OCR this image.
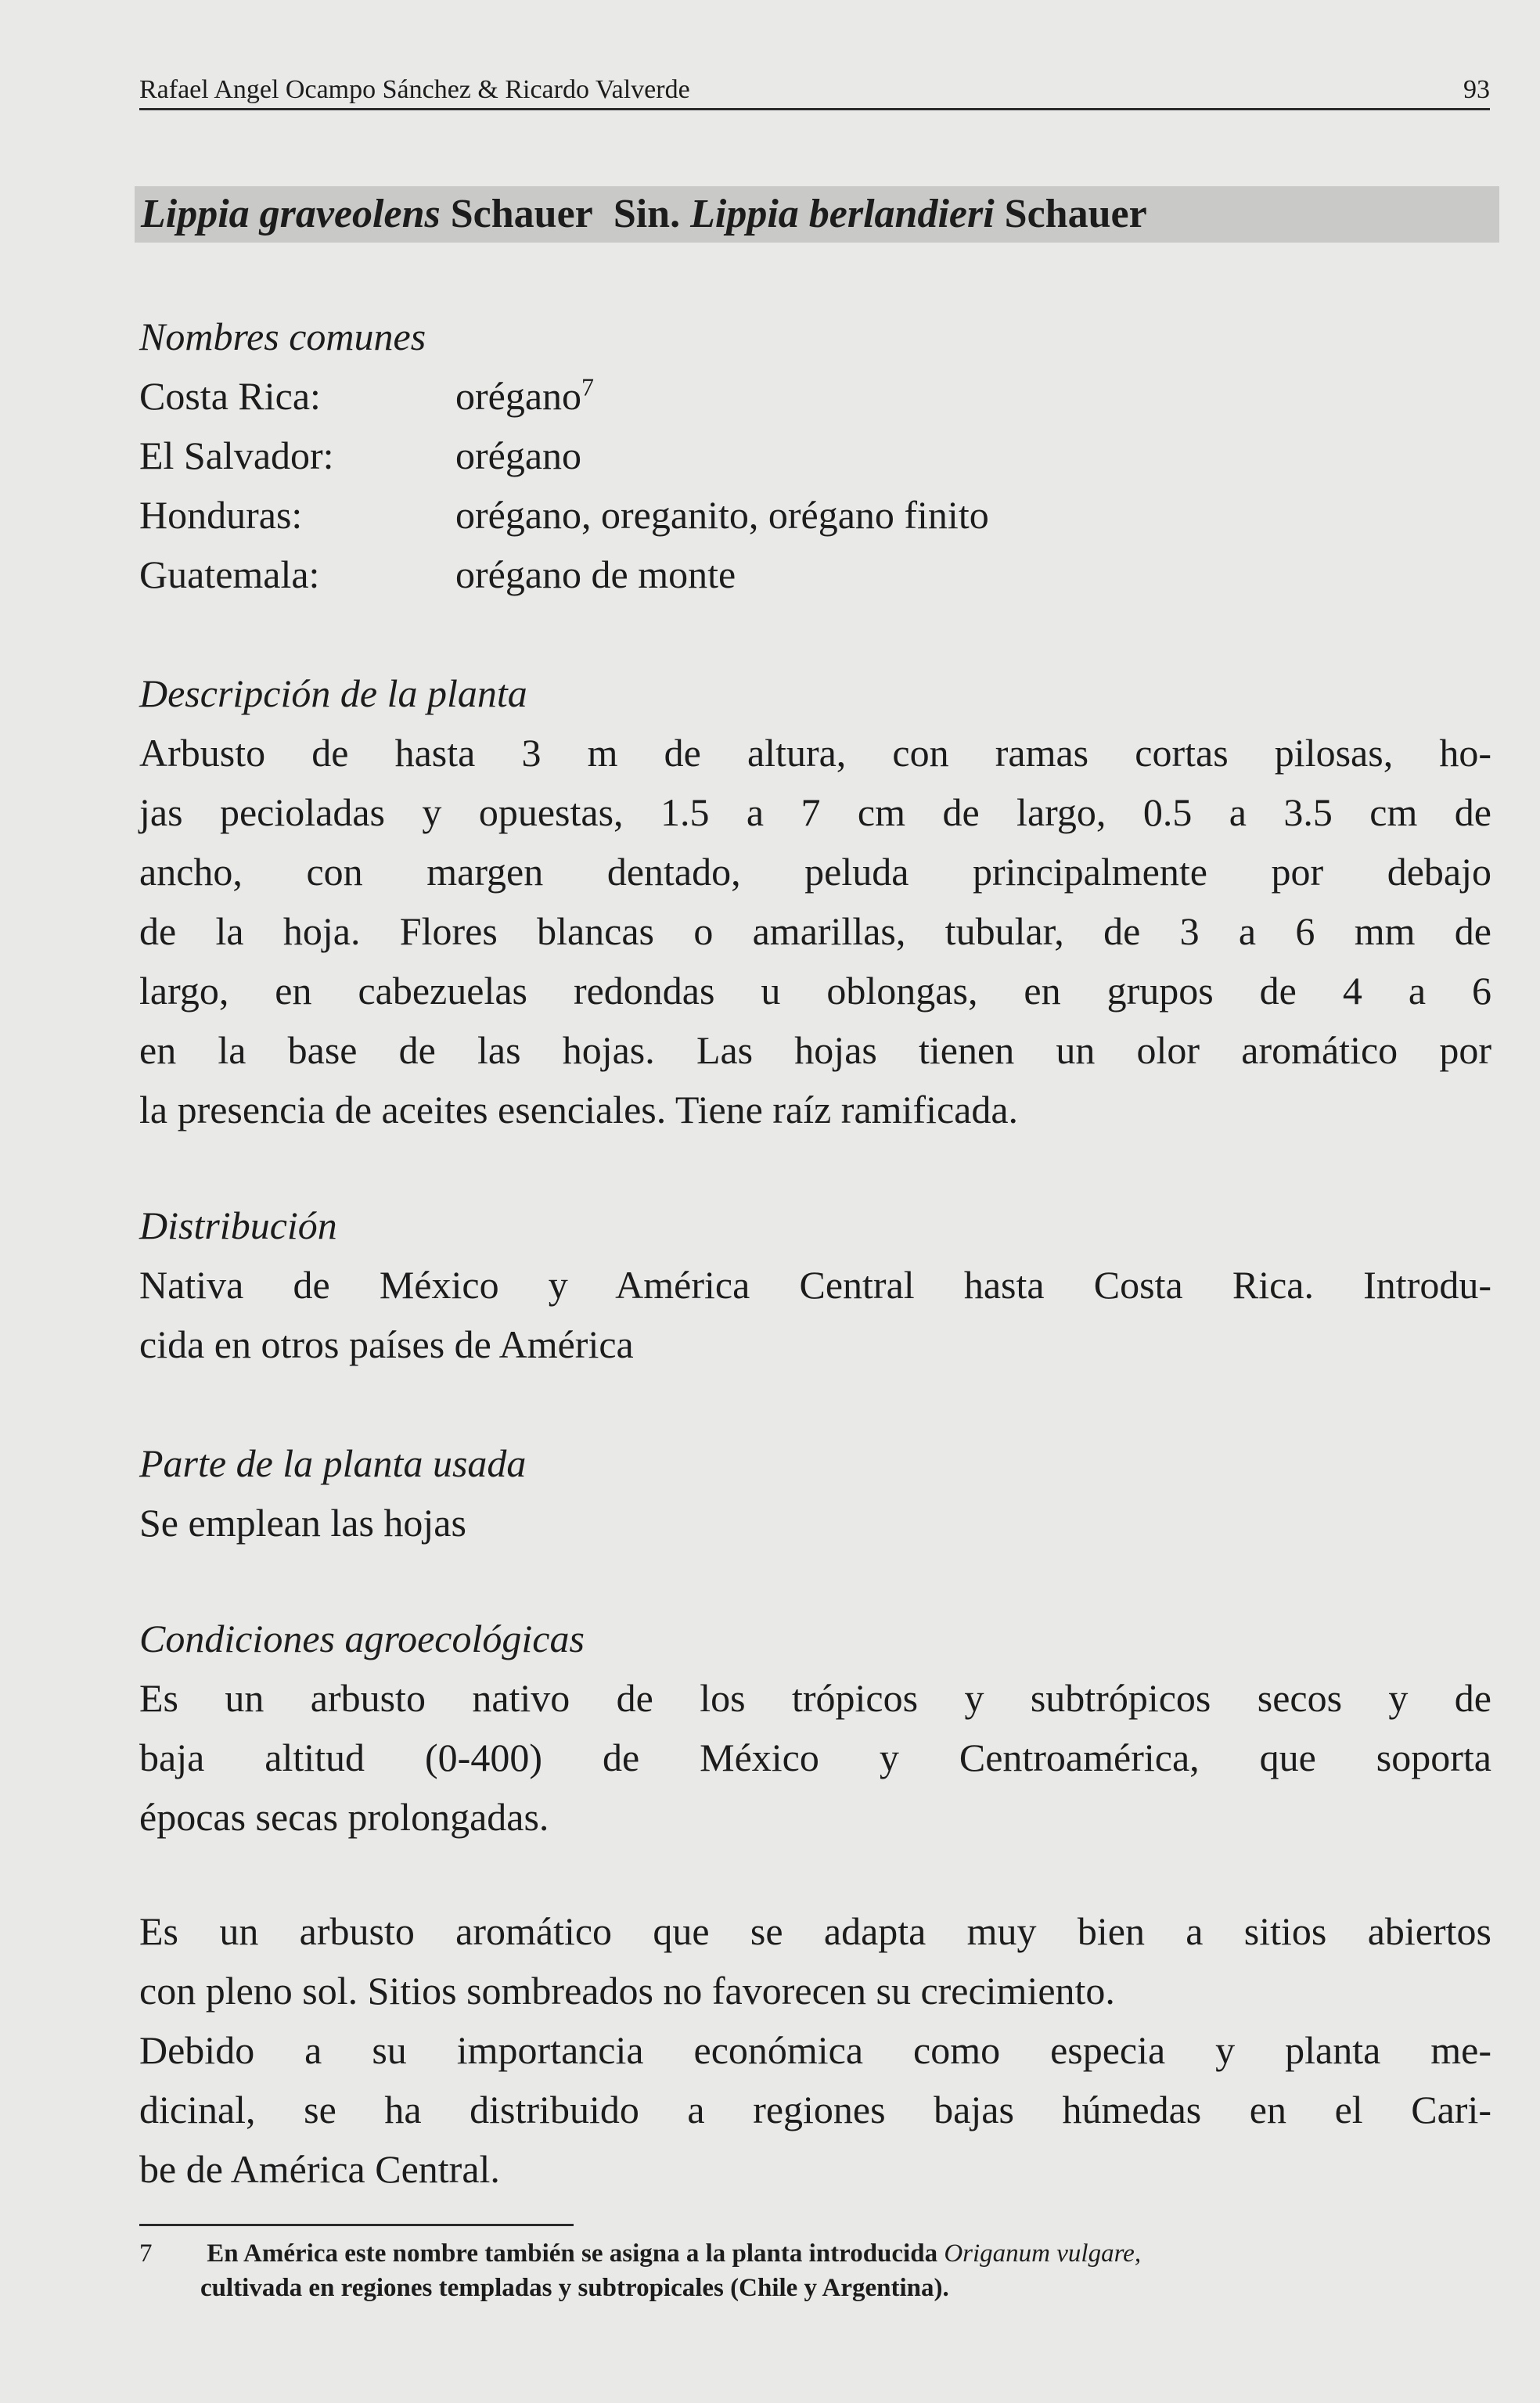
Rafael Angel Ocampo Sánchez & Ricardo Valverde	93
Lippia graveolens Schauer Sin. Lippia berlandieri Schauer
Nombres comunes
Costa Rica:	orégano$^7$
El Salvador:	orégano
Honduras:	orégano, oreganito, orégano finito
Guatemala:	orégano de monte
Descripción de la planta

Arbusto de hasta 3 m de altura, con ramas cortas pilosas, ho-
jas pecioladas y opuestas, 1.5 a 7 cm de largo, 0.5 a 3.5 cm de
ancho, con margen dentado, peluda principalmente por debajo
de la hoja. Flores blancas o amarillas, tubular, de 3 a 6 mm de
largo, en cabezuelas redondas u oblongas, en grupos de 4 a 6
en la base de las hojas. Las hojas tienen un olor aromático por
la presencia de aceites esenciales. Tiene raíz ramificada.

Distribución

Nativa de México y América Central hasta Costa Rica. Introdu-
cida en otros países de América

Parte de la planta usada

Se emplean las hojas

Condiciones agroecológicas

Es un arbusto nativo de los trópicos y subtrópicos secos y de
baja altitud (0-400) de México y Centroamérica, que soporta
épocas secas prolongadas.

Es un arbusto aromático que se adapta muy bien a sitios abiertos
con pleno sol. Sitios sombreados no favorecen su crecimiento.
Debido a su importancia económica como especia y planta me-
dicinal, se ha distribuido a regiones bajas húmedas en el Cari-
be de América Central.

7 En América este nombre también se asigna a la planta introducida Origanum vulgare,
cultivada en regiones templadas y subtropicales (Chile y Argentina).
